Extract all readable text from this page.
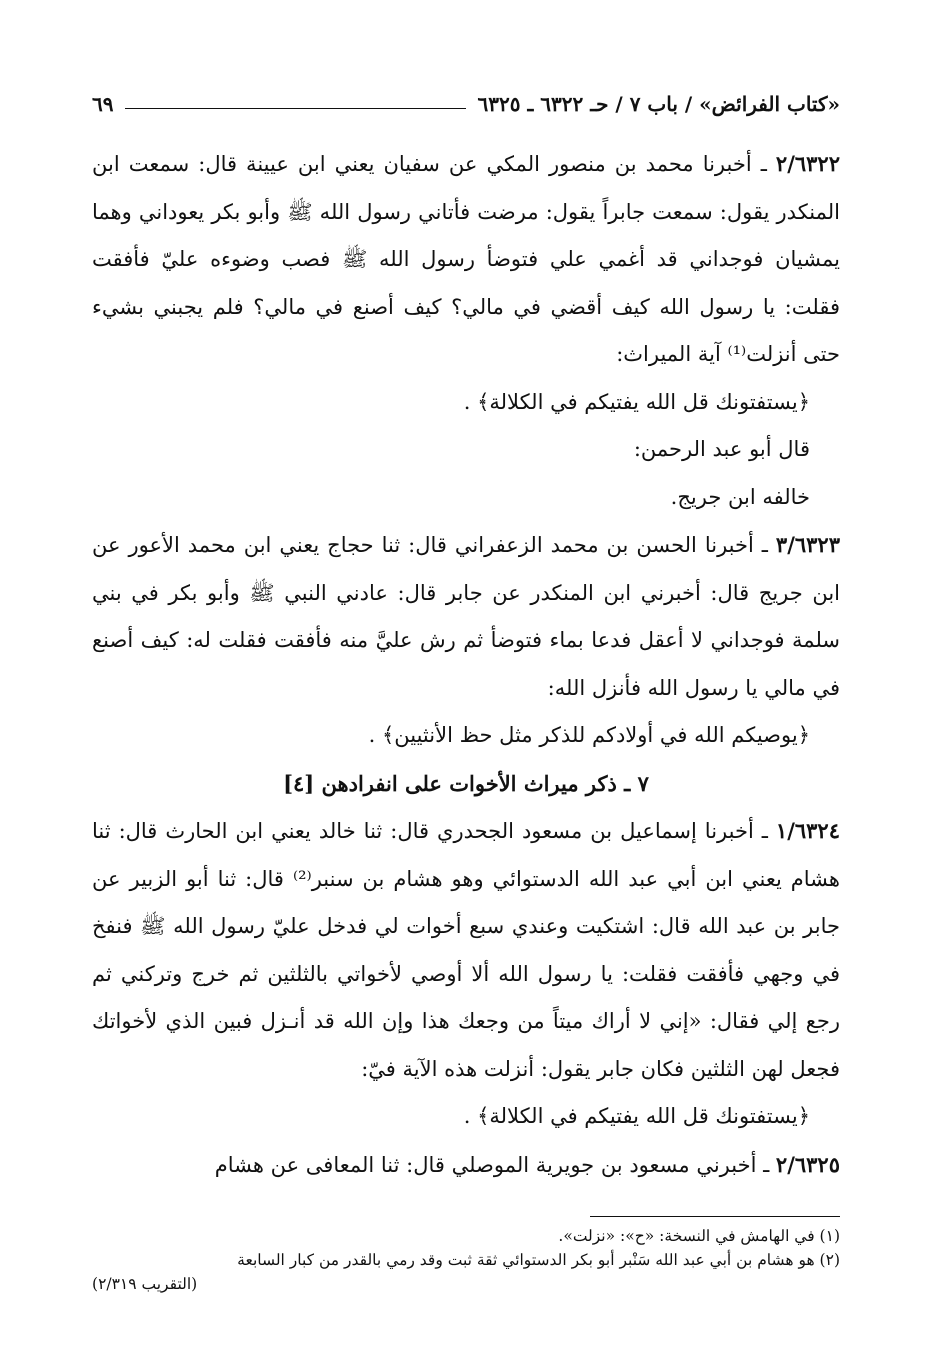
«كتاب الفرائض» / باب ٧ / حـ ٦٣٢٢ ـ ٦٣٢٥
٦٩

٢/٦٣٢٢ ـ أخبرنا محمد بن منصور المكي عن سفيان يعني ابن عيينة قال: سمعت ابن المنكدر يقول: سمعت جابراً يقول: مرضت فأتاني رسول الله ﷺ وأبو بكر يعوداني وهما يمشيان فوجداني قد أغمي علي فتوضأ رسول الله ﷺ فصب وضوءه عليّ فأفقت فقلت: يا رسول الله كيف أقضي في مالي؟ كيف أصنع في مالي؟ فلم يجبني بشيء حتى أنزلت⁽¹⁾ آية الميراث:

﴿يستفتونك قل الله يفتيكم في الكلالة﴾ .

قال أبو عبد الرحمن:

خالفه ابن جريج.

٣/٦٣٢٣ ـ أخبرنا الحسن بن محمد الزعفراني قال: ثنا حجاج يعني ابن محمد الأعور عن ابن جريج قال: أخبرني ابن المنكدر عن جابر قال: عادني النبي ﷺ وأبو بكر في بني سلمة فوجداني لا أعقل فدعا بماء فتوضأ ثم رش عليَّ منه فأفقت فقلت له: كيف أصنع في مالي يا رسول الله فأنزل الله:

﴿يوصيكم الله في أولادكم للذكر مثل حظ الأنثيين﴾ .

٧ ـ ذكر ميراث الأخوات على انفرادهن [٤]

١/٦٣٢٤ ـ أخبرنا إسماعيل بن مسعود الجحدري قال: ثنا خالد يعني ابن الحارث قال: ثنا هشام يعني ابن أبي عبد الله الدستوائي وهو هشام بن سنبر⁽²⁾ قال: ثنا أبو الزبير عن جابر بن عبد الله قال: اشتكيت وعندي سبع أخوات لي فدخل عليّ رسول الله ﷺ فنفخ في وجهي فأفقت فقلت: يا رسول الله ألا أوصي لأخواتي بالثلثين ثم خرج وتركني ثم رجع إلي فقال: «إني لا أراك ميتاً من وجعك هذا وإن الله قد أنـزل فبين الذي لأخواتك فجعل لهن الثلثين فكان جابر يقول: أنزلت هذه الآية فيّ:

﴿يستفتونك قل الله يفتيكم في الكلالة﴾ .

٢/٦٣٢٥ ـ أخبرني مسعود بن جويرية الموصلي قال: ثنا المعافى عن هشام

(١) في الهامش في النسخة: «ح»: «نزلت».

(٢) هو هشام بن أبي عبد الله سَنْبر أبو بكر الدستوائي ثقة ثبت وقد رمي بالقدر من كبار السابعة

(التقريب ٢/٣١٩)
